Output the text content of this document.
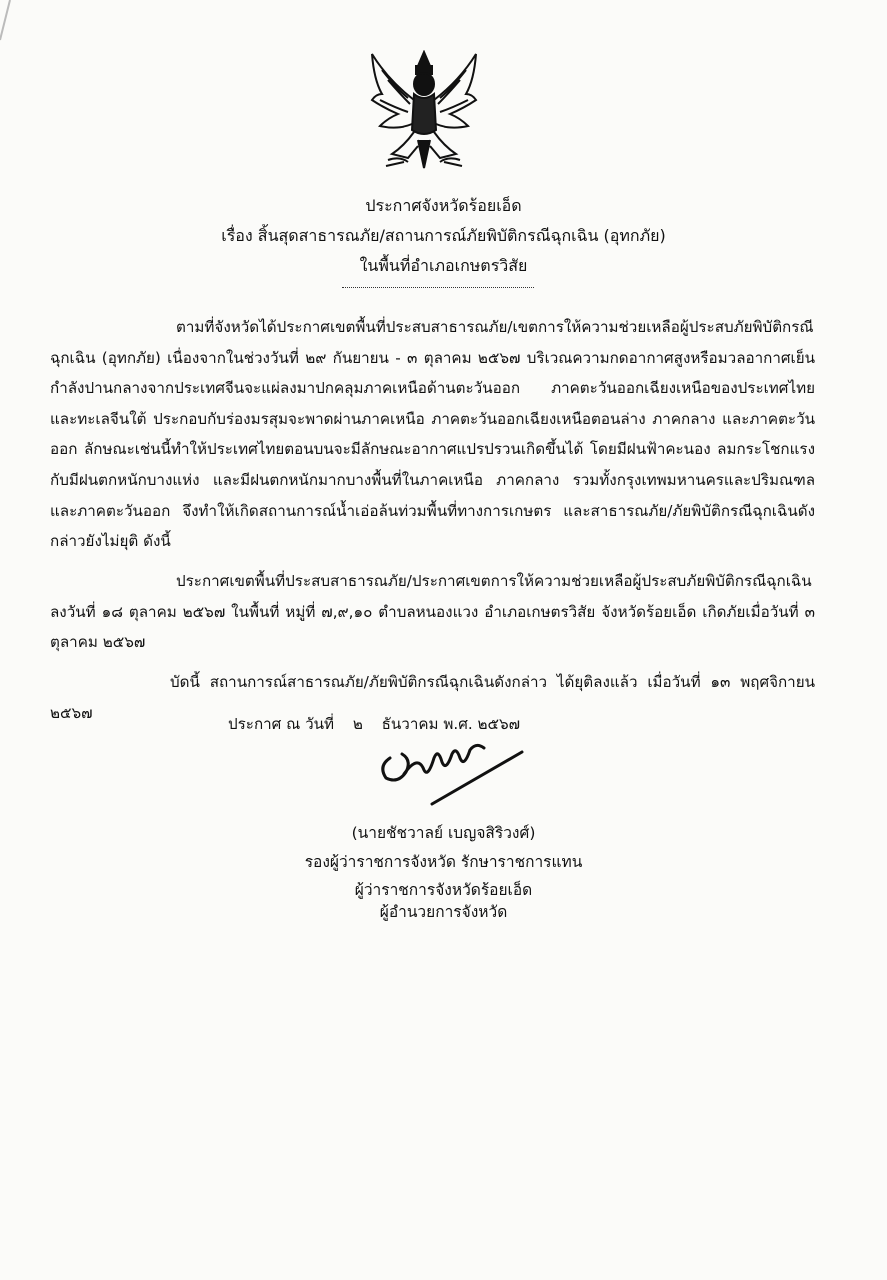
ประกาศจังหวัดร้อยเอ็ด
เรื่อง สิ้นสุดสาธารณภัย/สถานการณ์ภัยพิบัติกรณีฉุกเฉิน (อุทกภัย)
ในพื้นที่อำเภอเกษตรวิสัย
ตามที่จังหวัดได้ประกาศเขตพื้นที่ประสบสาธารณภัย/เขตการให้ความช่วยเหลือผู้ประสบภัยพิบัติกรณีฉุกเฉิน (อุทกภัย) เนื่องจากในช่วงวันที่ ๒๙ กันยายน - ๓ ตุลาคม ๒๕๖๗ บริเวณความกดอากาศสูงหรือมวลอากาศเย็นกำลังปานกลางจากประเทศจีนจะแผ่ลงมาปกคลุมภาคเหนือด้านตะวันออก ภาคตะวันออกเฉียงเหนือของประเทศไทย และทะเลจีนใต้ ประกอบกับร่องมรสุมจะพาดผ่านภาคเหนือ ภาคตะวันออกเฉียงเหนือตอนล่าง ภาคกลาง และภาคตะวันออก ลักษณะเช่นนี้ทำให้ประเทศไทยตอนบนจะมีลักษณะอากาศแปรปรวนเกิดขึ้นได้ โดยมีฝนฟ้าคะนอง ลมกระโชกแรง กับมีฝนตกหนักบางแห่ง และมีฝนตกหนักมากบางพื้นที่ในภาคเหนือ ภาคกลาง รวมทั้งกรุงเทพมหานครและปริมณฑล และภาคตะวันออก จึงทำให้เกิดสถานการณ์น้ำเอ่อล้นท่วมพื้นที่ทางการเกษตร และสาธารณภัย/ภัยพิบัติกรณีฉุกเฉินดังกล่าวยังไม่ยุติ ดังนี้
ประกาศเขตพื้นที่ประสบสาธารณภัย/ประกาศเขตการให้ความช่วยเหลือผู้ประสบภัยพิบัติกรณีฉุกเฉิน ลงวันที่ ๑๘ ตุลาคม ๒๕๖๗ ในพื้นที่ หมู่ที่ ๗,๙,๑๐ ตำบลหนองแวง อำเภอเกษตรวิสัย จังหวัดร้อยเอ็ด เกิดภัยเมื่อวันที่ ๓ ตุลาคม ๒๕๖๗
บัดนี้ สถานการณ์สาธารณภัย/ภัยพิบัติกรณีฉุกเฉินดังกล่าว ได้ยุติลงแล้ว เมื่อวันที่ ๑๓ พฤศจิกายน ๒๕๖๗
ประกาศ ณ วันที่ ๒ ธันวาคม พ.ศ. ๒๕๖๗
(นายชัชวาลย์ เบญจสิริวงศ์)
รองผู้ว่าราชการจังหวัด รักษาราชการแทน
ผู้ว่าราชการจังหวัดร้อยเอ็ด
ผู้อำนวยการจังหวัด
